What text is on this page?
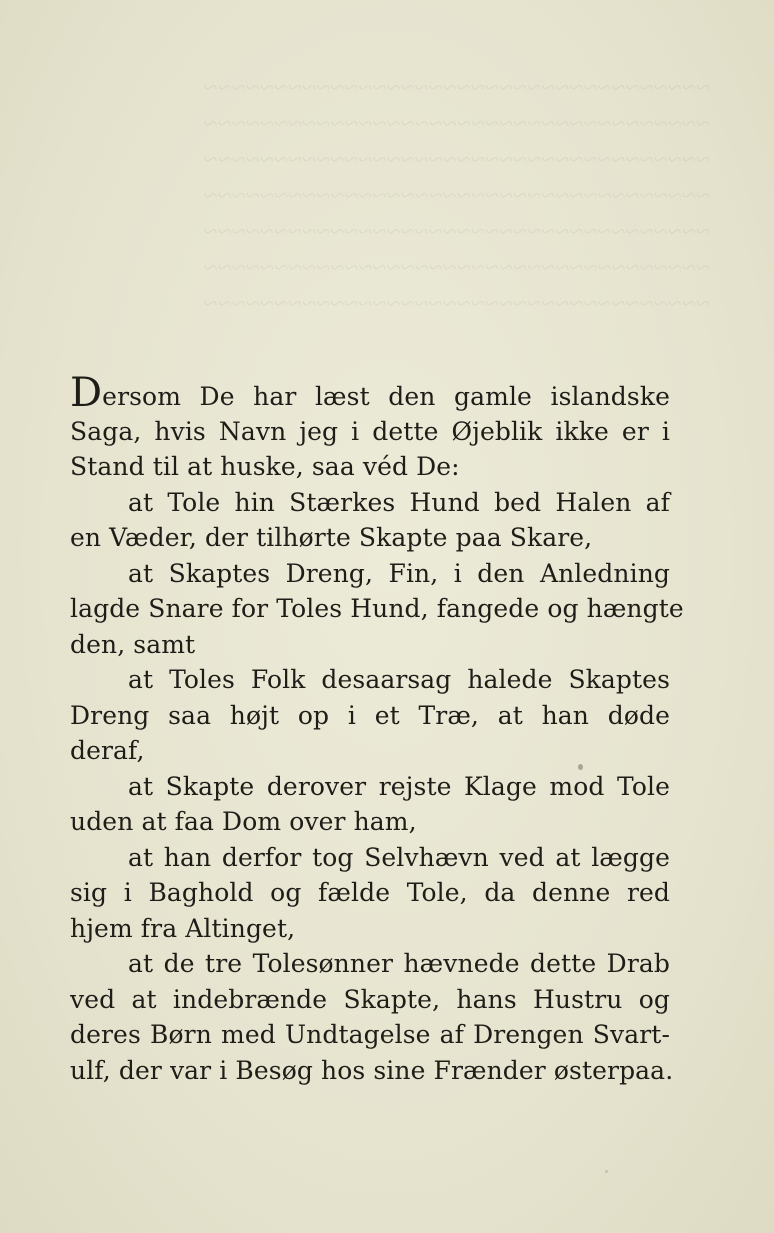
~~~~~~~~~~~~~~~~~~~~~~~~~~~~~~~~~~~~
~~~~~~~~~~~~~~~~~~~~~~~~~~~~~~~~~~~~
~~~~~~~~~~~~~~~~~~~~~~~~~~~~~~~~~~~~
~~~~~~~~~~~~~~~~~~~~~~~~~~~~~~~~~~~~
~~~~~~~~~~~~~~~~~~~~~~~~~~~~~~~~~~~~
~~~~~~~~~~~~~~~~~~~~~~~~~~~~~~~~~~~~
~~~~~~~~~~~~~~~~~~~~~~~~~~~~~~~~~~~~
Dersom De har læst den gamle islandske
Saga, hvis Navn jeg i dette Øjeblik ikke er i
Stand til at huske, saa véd De:
at Tole hin Stærkes Hund bed Halen af
en Væder, der tilhørte Skapte paa Skare,
at Skaptes Dreng, Fin, i den Anledning
lagde Snare for Toles Hund, fangede og hængte
den, samt
at Toles Folk desaarsag halede Skaptes
Dreng saa højt op i et Træ, at han døde
deraf,
at Skapte derover rejste Klage mod Tole
uden at faa Dom over ham,
at han derfor tog Selvhævn ved at lægge
sig i Baghold og fælde Tole, da denne red
hjem fra Altinget,
at de tre Tolesønner hævnede dette Drab
ved at indebrænde Skapte, hans Hustru og
deres Børn med Undtagelse af Drengen Svart-
ulf, der var i Besøg hos sine Frænder østerpaa.
